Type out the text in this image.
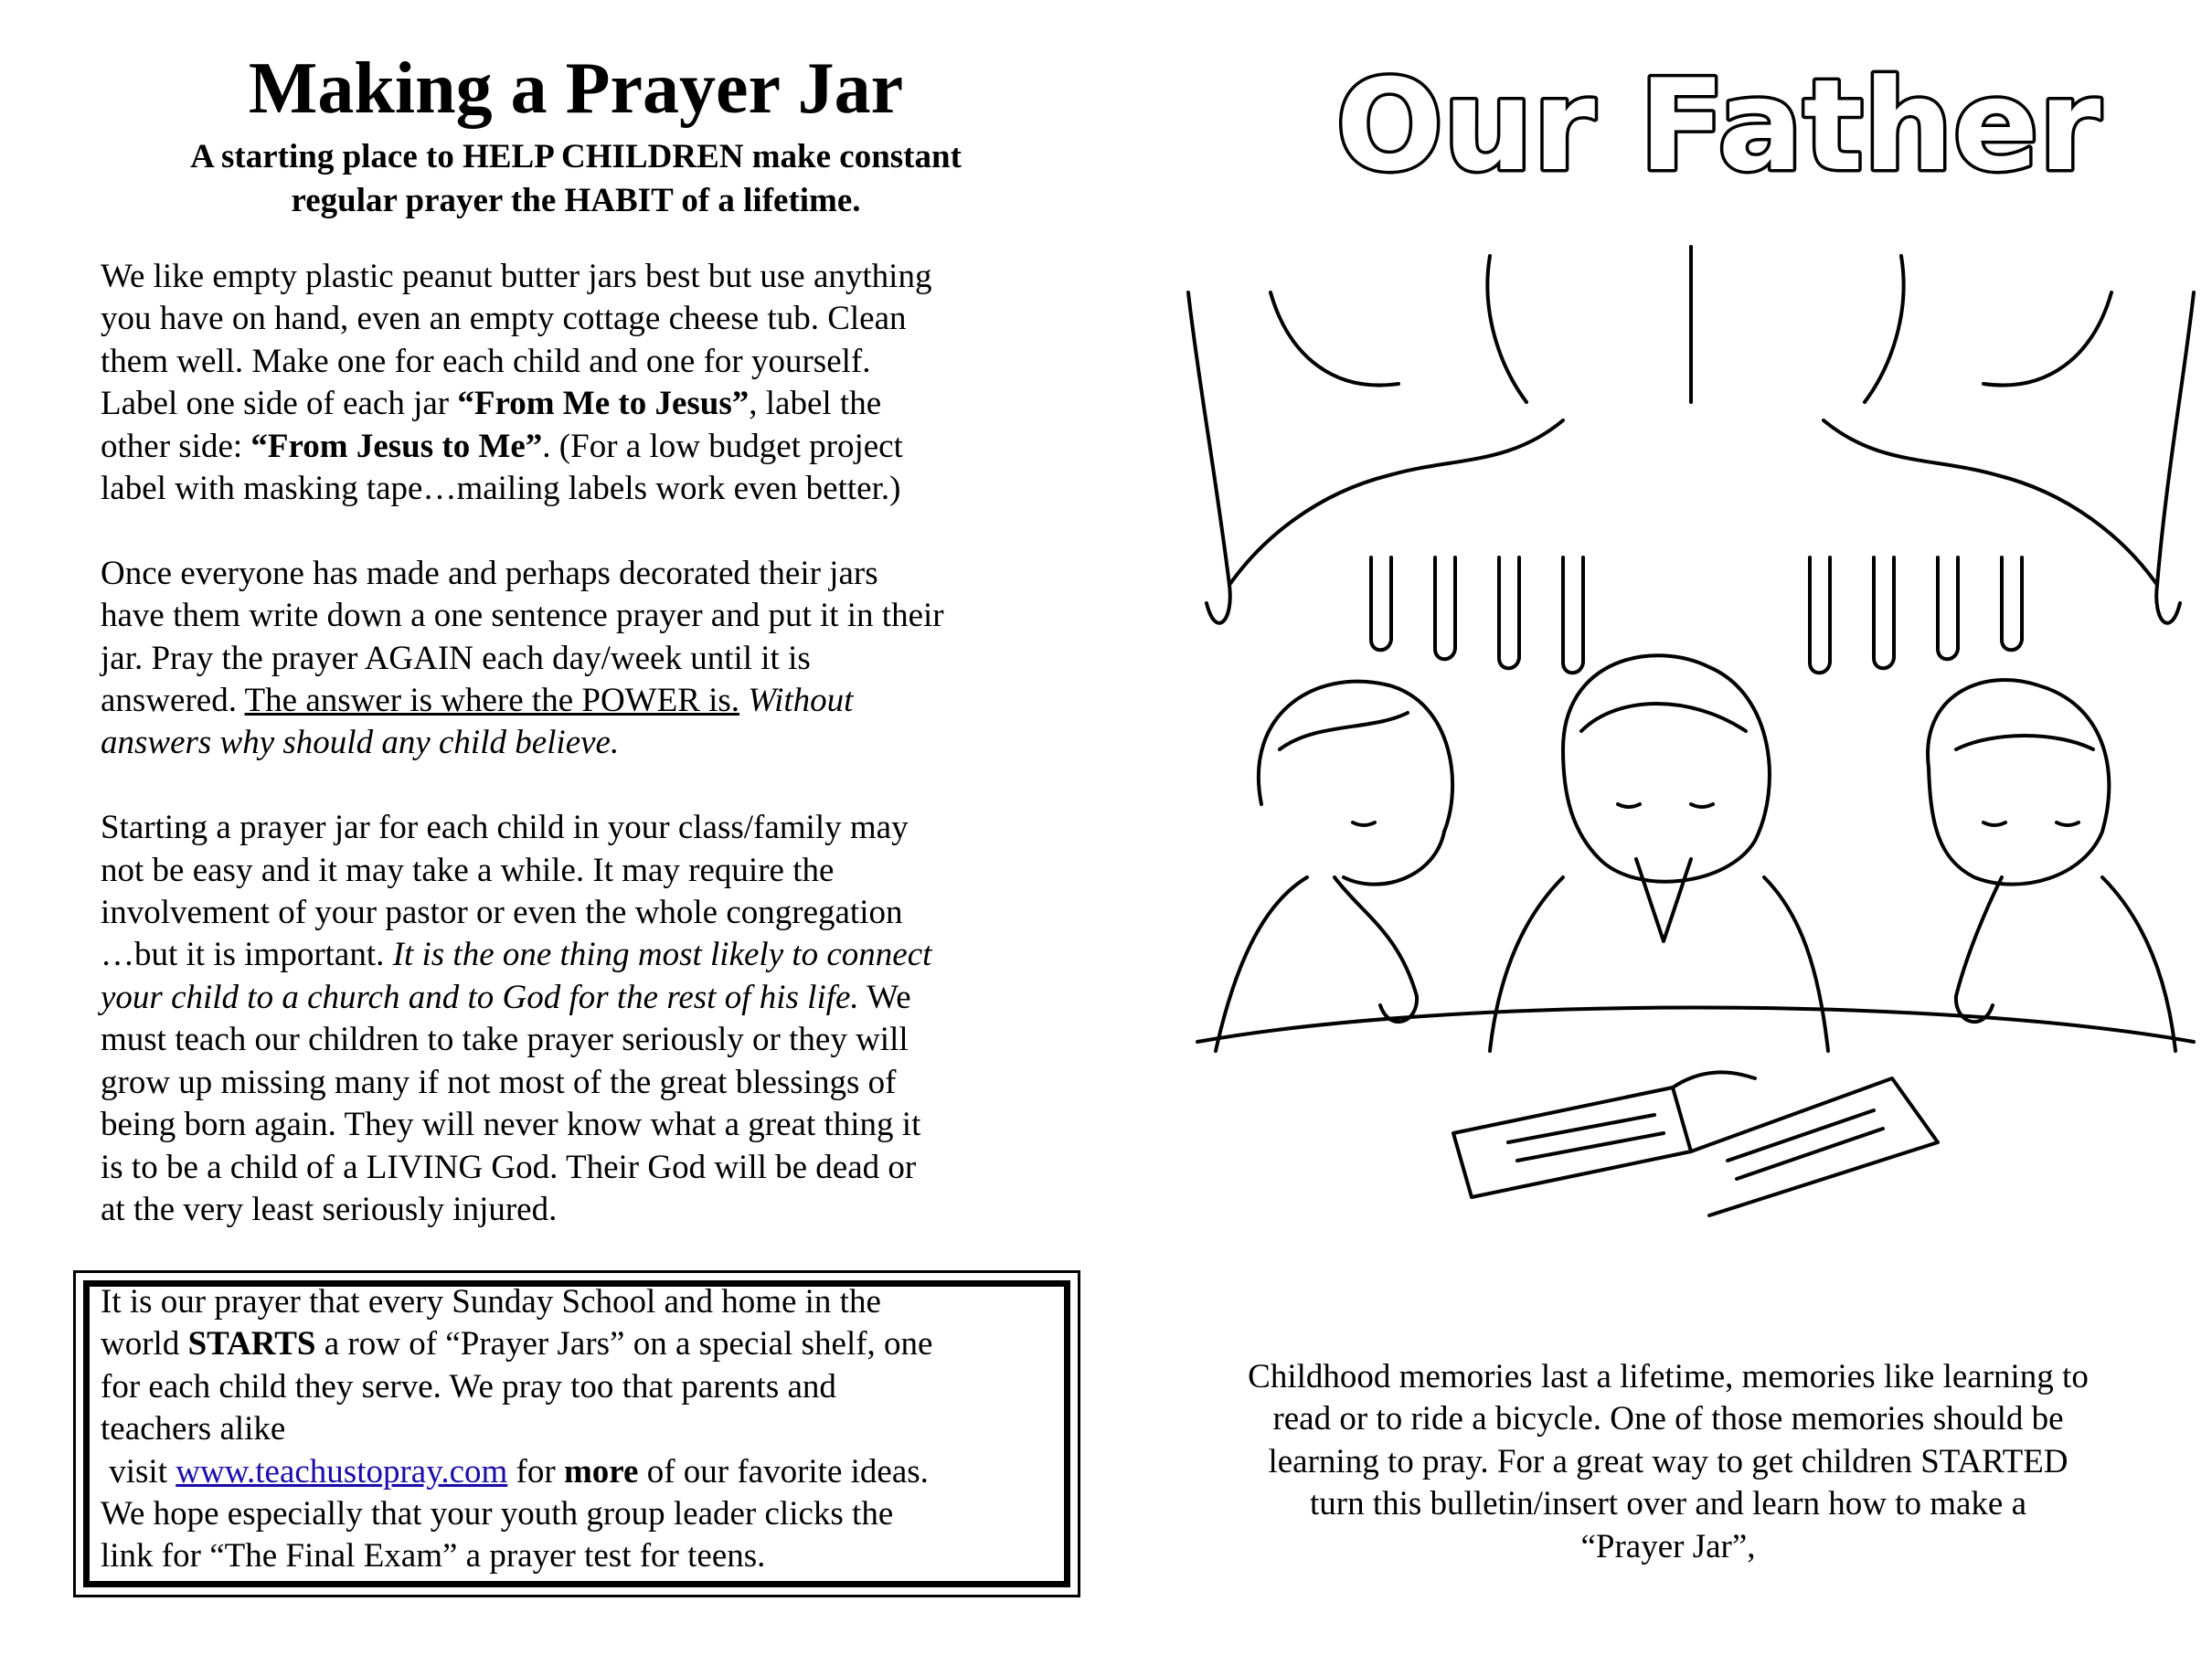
Making a Prayer Jar
A starting place to HELP CHILDREN make constant
regular prayer the HABIT of a lifetime.

We like empty plastic peanut butter jars best but use anything
you have on hand, even an empty cottage cheese tub. Clean
them well. Make one for each child and one for yourself.
Label one side of each jar “From Me to Jesus”, label the
other side: “From Jesus to Me”. (For a low budget project
label with masking tape…mailing labels work even better.)

Once everyone has made and perhaps decorated their jars
have them write down a one sentence prayer and put it in their
jar. Pray the prayer AGAIN each day/week until it is
answered. The answer is where the POWER is. Without
answers why should any child believe.

Starting a prayer jar for each child in your class/family may
not be easy and it may take a while. It may require the
involvement of your pastor or even the whole congregation
…but it is important. It is the one thing most likely to connect
your child to a church and to God for the rest of his life. We
must teach our children to take prayer seriously or they will
grow up missing many if not most of the great blessings of
being born again. They will never know what a great thing it
is to be a child of a LIVING God. Their God will be dead or
at the very least seriously injured.

It is our prayer that every Sunday School and home in the
world STARTS a row of “Prayer Jars” on a special shelf, one
for each child they serve. We pray too that parents and
teachers alike
visit www.teachustopray.com for more of our favorite ideas.
We hope especially that your youth group leader clicks the
link for “The Final Exam” a prayer test for teens.
Our Father
Childhood memories last a lifetime, memories like learning to
read or to ride a bicycle. One of those memories should be
learning to pray. For a great way to get children STARTED
turn this bulletin/insert over and learn how to make a
“Prayer Jar”,
